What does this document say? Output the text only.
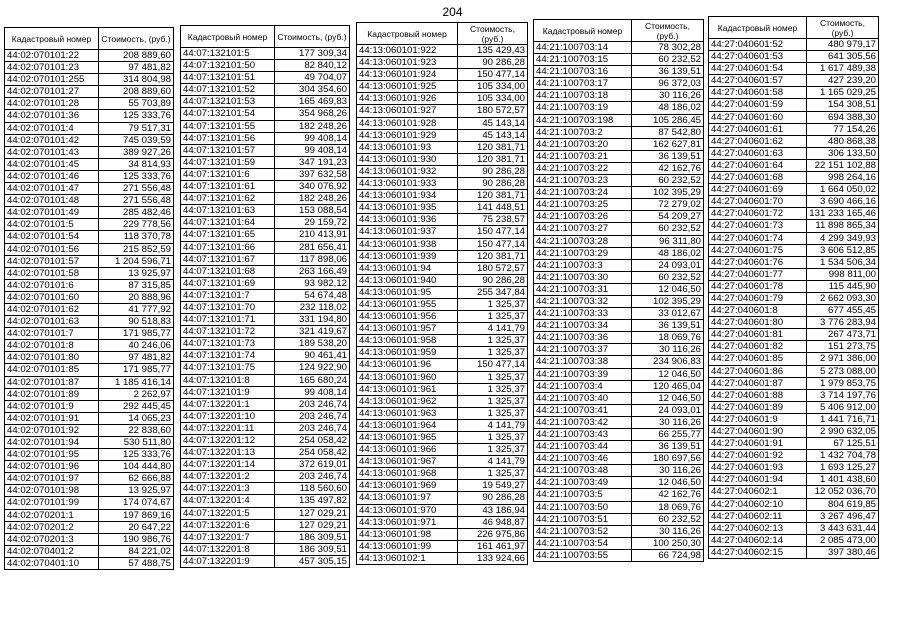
204
Кадастровый номер	Стоимость, (руб.)
44:02:070101:22	208 889,60
44:02:070101:23	97 481,82
44:02:070101:255	314 804,98
44:02:070101:27	208 889,60
44:02:070101:28	55 703,89
44:02:070101:36	125 333,76
44:02:070101:4	79 517,31
44:02:070101:42	745 039,59
44:02:070101:43	389 927,26
44:02:070101:45	34 814,93
44:02:070101:46	125 333,76
44:02:070101:47	271 556,48
44:02:070101:48	271 556,48
44:02:070101:49	285 482,46
44:02:070101:5	229 778,56
44:02:070101:54	118 370,78
44:02:070101:56	215 852,59
44:02:070101:57	1 204 596,71
44:02:070101:58	13 925,97
44:02:070101:6	87 315,85
44:02:070101:60	20 888,96
44:02:070101:62	41 777,92
44:02:070101:63	90 518,83
44:02:070101:7	171 985,77
44:02:070101:8	40 246,06
44:02:070101:80	97 481,82
44:02:070101:85	171 985,77
44:02:070101:87	1 185 416,14
44:02:070101:89	2 262,97
44:02:070101:9	292 445,45
44:02:070101:91	14 065,23
44:02:070101:92	22 838,60
44:02:070101:94	530 511,80
44:02:070101:95	125 333,76
44:02:070101:96	104 444,80
44:02:070101:97	62 666,88
44:02:070101:98	13 925,97
44:02:070101:99	174 074,67
44:02:070201:1	197 869,16
44:02:070201:2	20 647,22
44:02:070201:3	190 986,76
44:02:070401:2	84 221,02
44:02:070401:10	57 488,75
Кадастровый номер	Стоимость, (руб.)
44:07:132101:5	177 309,34
44:07:132101:50	82 840,12
44:07:132101:51	49 704,07
44:07:132101:52	304 354,60
44:07:132101:53	165 469,83
44:07:132101:54	354 968,26
44:07:132101:55	182 248,26
44:07:132101:56	99 408,14
44:07:132101:57	99 408,14
44:07:132101:59	347 191,23
44:07:132101:6	397 632,58
44:07:132101:61	340 076,92
44:07:132101:62	182 248,26
44:07:132101:63	153 088,54
44:07:132101:64	29 159,72
44:07:132101:65	210 413,91
44:07:132101:66	281 656,41
44:07:132101:67	117 898,06
44:07:132101:68	263 166,49
44:07:132101:69	93 982,12
44:07:132101:7	54 674,48
44:07:132101:70	232 118,02
44:07:132101:71	331 194,80
44:07:132101:72	321 419,67
44:07:132101:73	189 538,20
44:07:132101:74	90 461,41
44:07:132101:75	124 922,90
44:07:132101:8	165 680,24
44:07:132101:9	99 408,14
44:07:132201:1	203 246,74
44:07:132201:10	203 246,74
44:07:132201:11	203 246,74
44:07:132201:12	254 058,42
44:07:132201:13	254 058,42
44:07:132201:14	372 619,01
44:07:132201:2	203 246,74
44:07:132201:3	118 560,60
44:07:132201:4	135 497,82
44:07:132201:5	127 029,21
44:07:132201:6	127 029,21
44:07:132201:7	186 309,51
44:07:132201:8	186 309,51
44:07:132201:9	457 305,15
Кадастровый номер	Стоимость, (руб.)
44:13:060101:922	135 429,43
44:13:060101:923	90 286,28
44:13:060101:924	150 477,14
44:13:060101:925	105 334,00
44:13:060101:926	105 334,00
44:13:060101:927	180 572,57
44:13:060101:928	45 143,14
44:13:060101:929	45 143,14
44:13:060101:93	120 381,71
44:13:060101:930	120 381,71
44:13:060101:932	90 286,28
44:13:060101:933	90 286,28
44:13:060101:934	120 381,71
44:13:060101:935	141 448,51
44:13:060101:936	75 238,57
44:13:060101:937	150 477,14
44:13:060101:938	150 477,14
44:13:060101:939	120 381,71
44:13:060101:94	180 572,57
44:13:060101:940	90 286,28
44:13:060101:95	255 347,84
44:13:060101:955	1 325,37
44:13:060101:956	1 325,37
44:13:060101:957	4 141,79
44:13:060101:958	1 325,37
44:13:060101:959	1 325,37
44:13:060101:96	150 477,14
44:13:060101:960	1 325,37
44:13:060101:961	1 325,37
44:13:060101:962	1 325,37
44:13:060101:963	1 325,37
44:13:060101:964	4 141,79
44:13:060101:965	1 325,37
44:13:060101:966	1 325,37
44:13:060101:967	4 141,79
44:13:060101:968	1 325,37
44:13:060101:969	19 549,27
44:13:060101:97	90 286,28
44:13:060101:970	43 186,94
44:13:060101:971	46 948,87
44:13:060101:98	226 975,86
44:13:060101:99	161 461,97
44:13:060102:1	133 924,66
Кадастровый номер	Стоимость, (руб.)
44:21:100703:14	78 302,28
44:21:100703:15	60 232,52
44:21:100703:16	36 139,51
44:21:100703:17	96 372,03
44:21:100703:18	30 116,26
44:21:100703:19	48 186,02
44:21:100703:198	105 286,45
44:21:100703:2	87 542,80
44:21:100703:20	162 627,81
44:21:100703:21	36 139,51
44:21:100703:22	42 162,76
44:21:100703:23	60 232,52
44:21:100703:24	102 395,29
44:21:100703:25	72 279,02
44:21:100703:26	54 209,27
44:21:100703:27	60 232,52
44:21:100703:28	96 311,80
44:21:100703:29	48 186,02
44:21:100703:3	24 093,01
44:21:100703:30	60 232,52
44:21:100703:31	12 046,50
44:21:100703:32	102 395,29
44:21:100703:33	33 012,67
44:21:100703:34	36 139,51
44:21:100703:36	18 069,76
44:21:100703:37	30 116,26
44:21:100703:38	234 906,83
44:21:100703:39	12 046,50
44:21:100703:4	120 465,04
44:21:100703:40	12 046,50
44:21:100703:41	24 093,01
44:21:100703:42	30 116,26
44:21:100703:43	66 255,77
44:21:100703:44	36 139,51
44:21:100703:46	180 697,56
44:21:100703:48	30 116,26
44:21:100703:49	12 046,50
44:21:100703:5	42 162,76
44:21:100703:50	18 069,76
44:21:100703:51	60 232,52
44:21:100703:52	30 116,26
44:21:100703:54	100 250,30
44:21:100703:55	66 724,98
Кадастровый номер	Стоимость, (руб.)
44:27:040601:52	480 979,17
44:27:040601:53	641 305,56
44:27:040601:54	1 617 489,38
44:27:040601:57	427 239,20
44:27:040601:58	1 165 029,25
44:27:040601:59	154 308,51
44:27:040601:60	694 388,30
44:27:040601:61	77 154,26
44:27:040601:62	480 868,38
44:27:040601:63	306 133,50
44:27:040601:64	22 151 102,88
44:27:040601:68	998 264,16
44:27:040601:69	1 664 050,02
44:27:040601:70	3 690 466,16
44:27:040601:72	131 233 165,46
44:27:040601:73	11 898 865,34
44:27:040601:74	4 299 349,93
44:27:040601:75	3 606 512,85
44:27:040601:76	1 534 506,34
44:27:040601:77	998 811,00
44:27:040601:78	115 445,90
44:27:040601:79	2 662 093,30
44:27:040601:8	677 455,45
44:27:040601:80	3 776 283,94
44:27:040601:81	267 473,71
44:27:040601:82	151 273,75
44:27:040601:85	2 971 386,00
44:27:040601:86	5 273 088,00
44:27:040601:87	1 979 853,75
44:27:040601:88	3 714 197,76
44:27:040601:89	5 406 912,00
44:27:040601:9	1 441 716,71
44:27:040601:90	2 990 632,05
44:27:040601:91	67 125,51
44:27:040601:92	1 432 704,78
44:27:040601:93	1 693 125,27
44:27:040601:94	1 401 438,60
44:27:040602:1	12 052 036,70
44:27:040602:10	804 619,85
44:27:040602:11	3 267 496,47
44:27:040602:13	3 443 631,44
44:27:040602:14	2 085 473,00
44:27:040602:15	397 380,46
